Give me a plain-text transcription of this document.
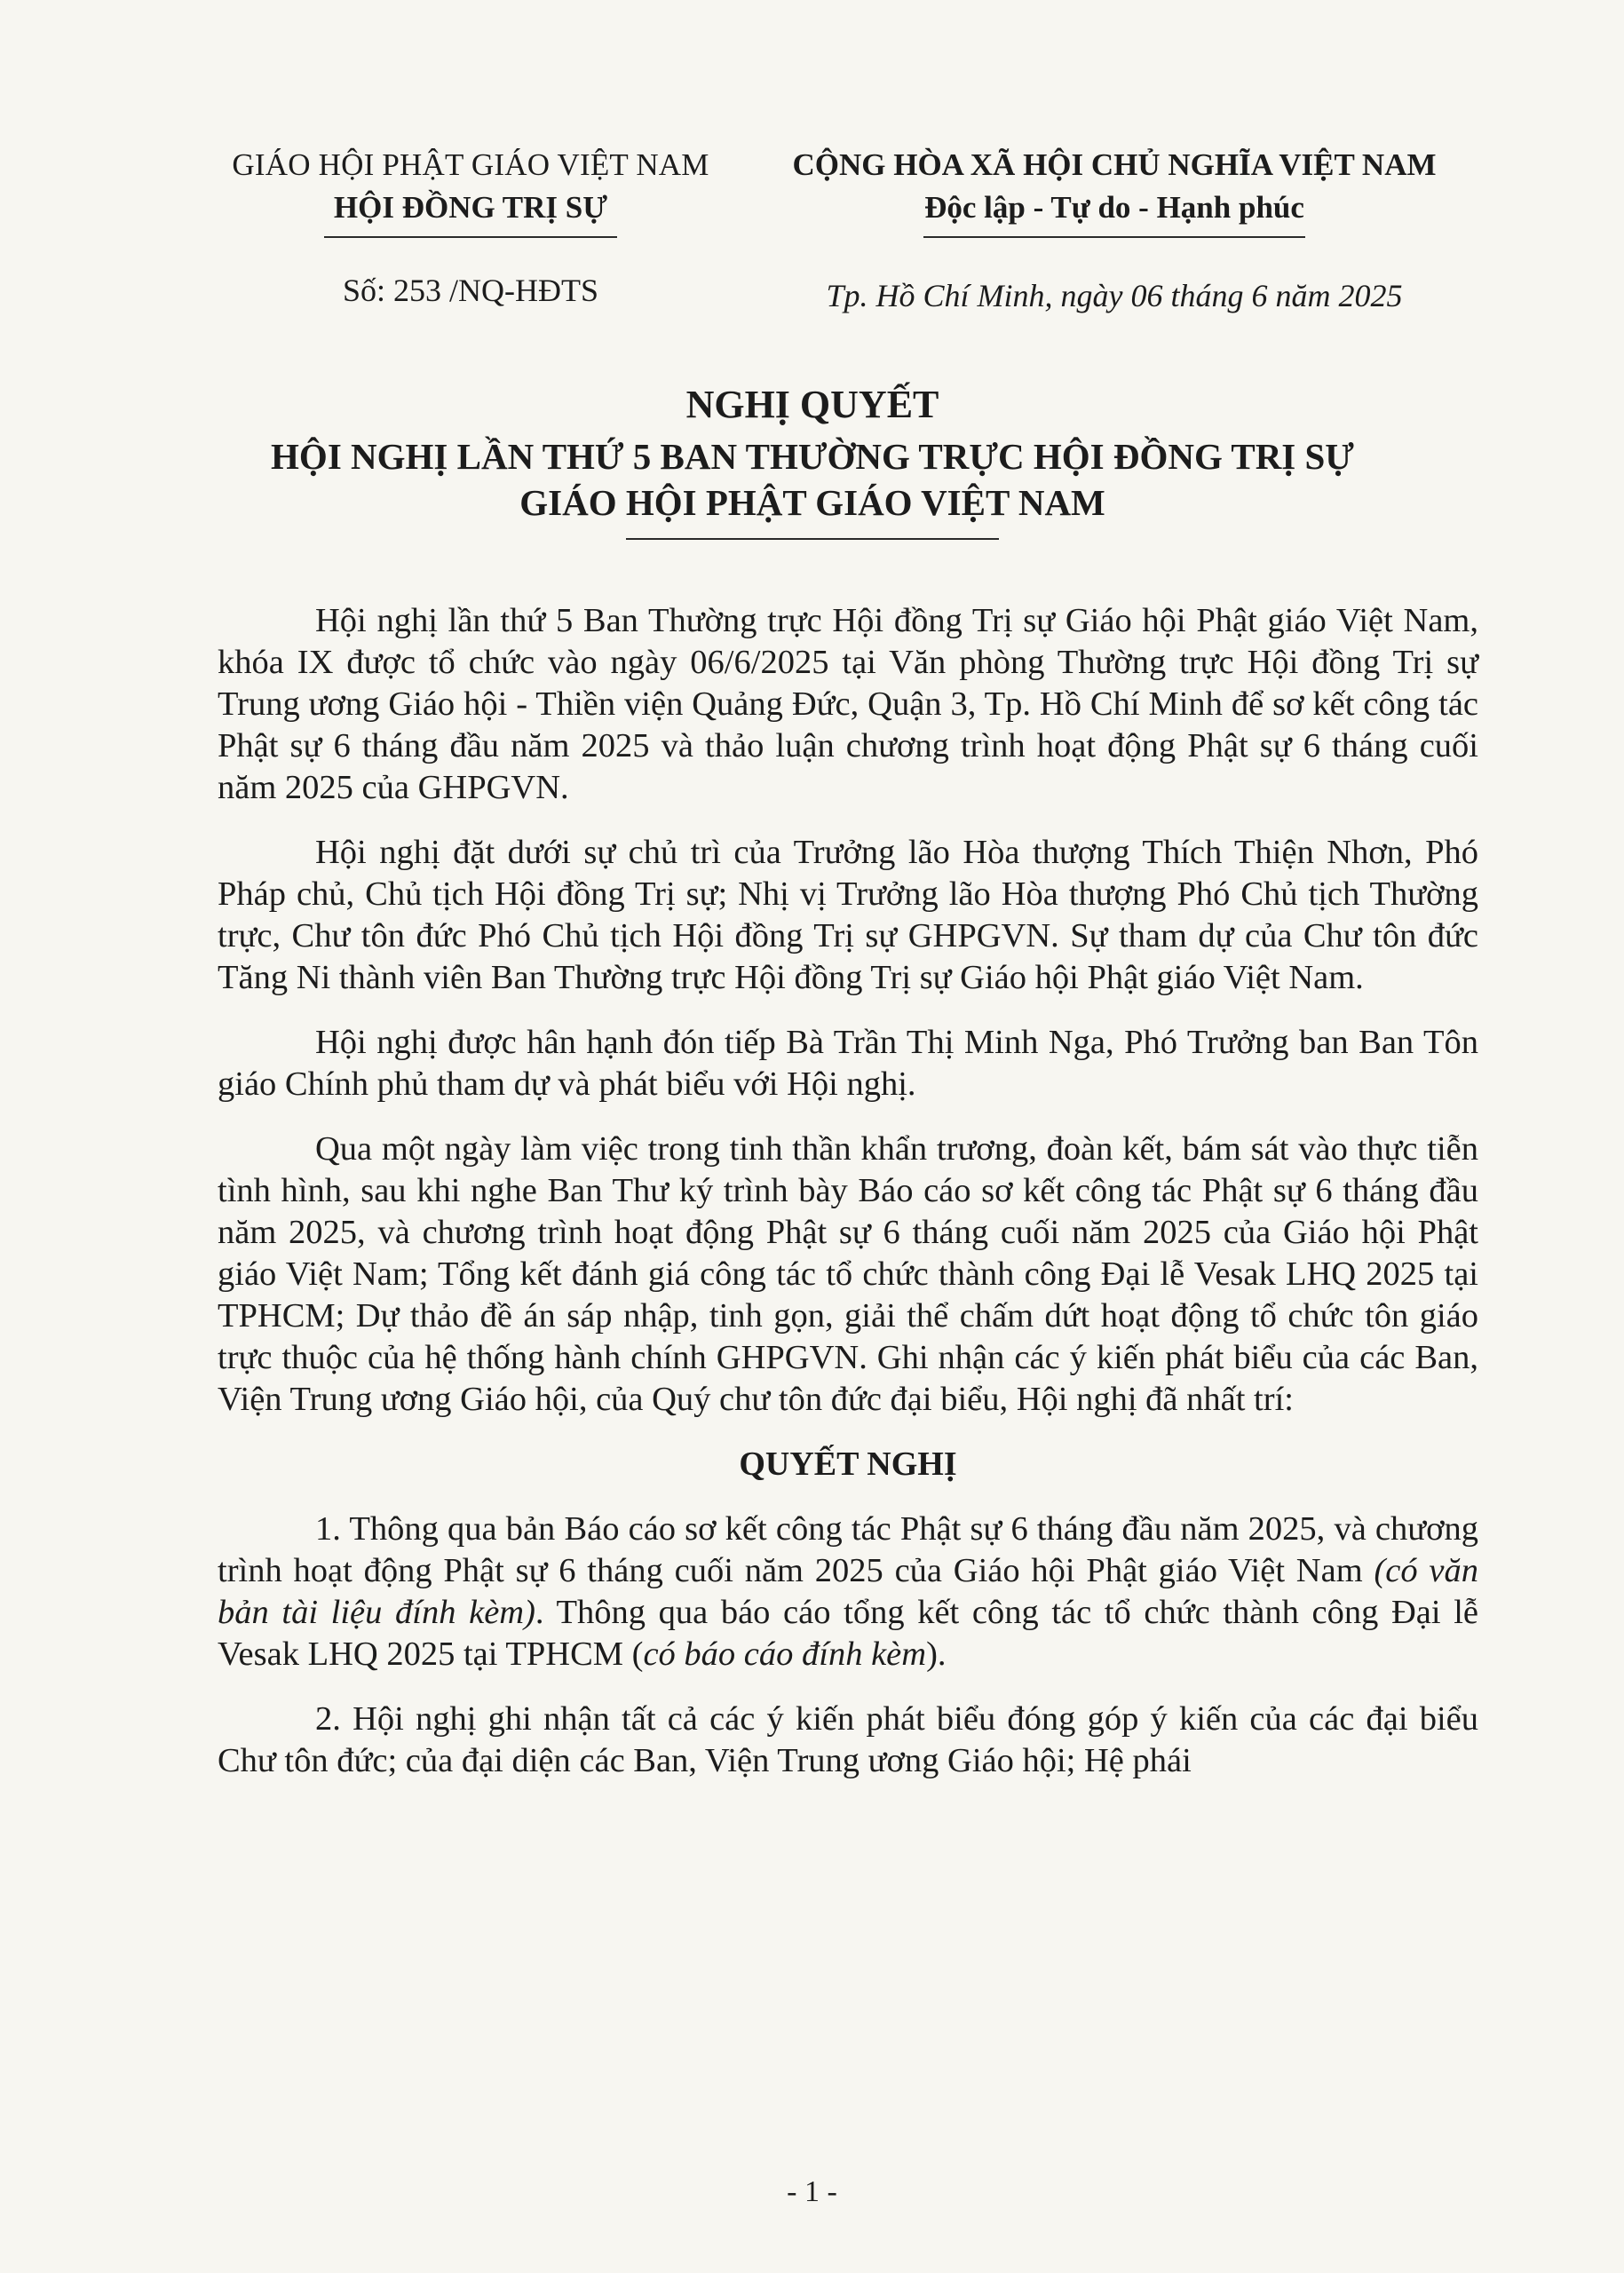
GIÁO HỘI PHẬT GIÁO VIỆT NAM
HỘI ĐỒNG TRỊ SỰ
CỘNG HÒA XÃ HỘI CHỦ NGHĨA VIỆT NAM
Độc lập - Tự do - Hạnh phúc
Số: 253 /NQ-HĐTS	Tp. Hồ Chí Minh, ngày 06 tháng 6 năm 2025
NGHỊ QUYẾT
HỘI NGHỊ LẦN THỨ 5 BAN THƯỜNG TRỰC HỘI ĐỒNG TRỊ SỰ
GIÁO HỘI PHẬT GIÁO VIỆT NAM

Hội nghị lần thứ 5 Ban Thường trực Hội đồng Trị sự Giáo hội Phật giáo Việt Nam, khóa IX được tổ chức vào ngày 06/6/2025 tại Văn phòng Thường trực Hội đồng Trị sự Trung ương Giáo hội - Thiền viện Quảng Đức, Quận 3, Tp. Hồ Chí Minh để sơ kết công tác Phật sự 6 tháng đầu năm 2025 và thảo luận chương trình hoạt động Phật sự 6 tháng cuối năm 2025 của GHPGVN.

Hội nghị đặt dưới sự chủ trì của Trưởng lão Hòa thượng Thích Thiện Nhơn, Phó Pháp chủ, Chủ tịch Hội đồng Trị sự; Nhị vị Trưởng lão Hòa thượng Phó Chủ tịch Thường trực, Chư tôn đức Phó Chủ tịch Hội đồng Trị sự GHPGVN. Sự tham dự của Chư tôn đức Tăng Ni thành viên Ban Thường trực Hội đồng Trị sự Giáo hội Phật giáo Việt Nam.

Hội nghị được hân hạnh đón tiếp Bà Trần Thị Minh Nga, Phó Trưởng ban Ban Tôn giáo Chính phủ tham dự và phát biểu với Hội nghị.

Qua một ngày làm việc trong tinh thần khẩn trương, đoàn kết, bám sát vào thực tiễn tình hình, sau khi nghe Ban Thư ký trình bày Báo cáo sơ kết công tác Phật sự 6 tháng đầu năm 2025, và chương trình hoạt động Phật sự 6 tháng cuối năm 2025 của Giáo hội Phật giáo Việt Nam; Tổng kết đánh giá công tác tổ chức thành công Đại lễ Vesak LHQ 2025 tại TPHCM; Dự thảo đề án sáp nhập, tinh gọn, giải thể chấm dứt hoạt động tổ chức tôn giáo trực thuộc của hệ thống hành chính GHPGVN. Ghi nhận các ý kiến phát biểu của các Ban, Viện Trung ương Giáo hội, của Quý chư tôn đức đại biểu, Hội nghị đã nhất trí:

QUYẾT NGHỊ

1. Thông qua bản Báo cáo sơ kết công tác Phật sự 6 tháng đầu năm 2025, và chương trình hoạt động Phật sự 6 tháng cuối năm 2025 của Giáo hội Phật giáo Việt Nam (có văn bản tài liệu đính kèm). Thông qua báo cáo tổng kết công tác tổ chức thành công Đại lễ Vesak LHQ 2025 tại TPHCM (có báo cáo đính kèm).

2. Hội nghị ghi nhận tất cả các ý kiến phát biểu đóng góp ý kiến của các đại biểu Chư tôn đức; của đại diện các Ban, Viện Trung ương Giáo hội; Hệ phái

- 1 -
